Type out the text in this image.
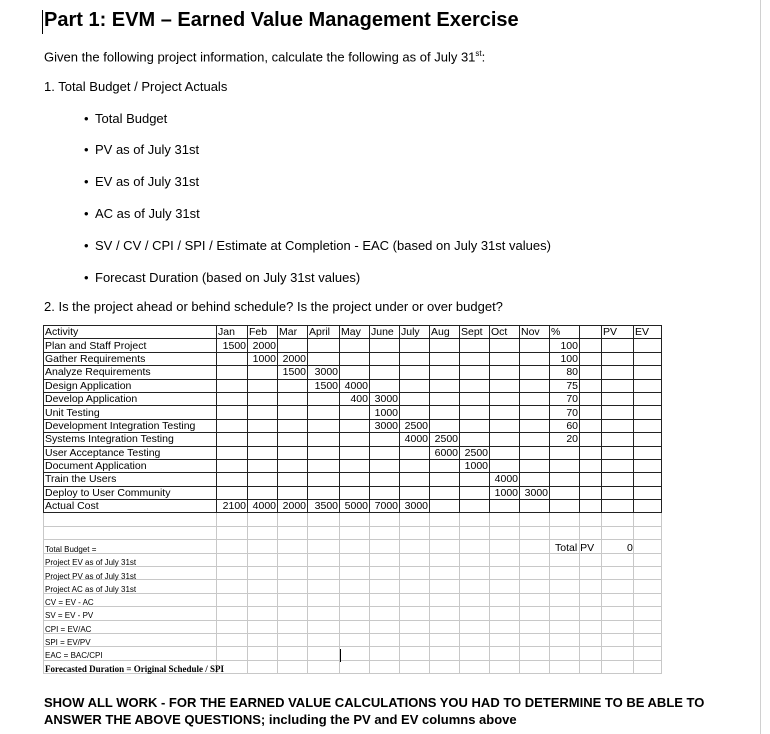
Part 1: EVM – Earned Value Management Exercise
Given the following project information, calculate the following as of July 31st:
1. Total Budget / Project Actuals
• Total Budget
• PV as of July 31st
• EV as of July 31st
• AC as of July 31st
• SV / CV / CPI / SPI / Estimate at Completion - EAC (based on July 31st values)
• Forecast Duration (based on July 31st values)
2. Is the project ahead or behind schedule? Is the project under or over budget?
Activity	Jan	Feb	Mar	April	May	June	July	Aug	Sept	Oct	Nov	%		PV	EV
Plan and Staff Project	1500	2000										100			
Gather Requirements		1000	2000									100			
Analyze Requirements			1500	3000								80			
Design Application				1500	4000							75			
Develop Application					400	3000						70			
Unit Testing						1000						70			
Development Integration Testing						3000	2500					60			
Systems Integration Testing							4000	2500				20			
User Acceptance Testing								6000	2500						
Document Application									1000						
Train the Users										4000					
Deploy to User Community										1000	3000				
Actual Cost	2100	4000	2000	3500	5000	7000	3000								

Total Budget =
Project EV as of July 31st
Project PV as of July 31st
Project AC as of July 31st
CV = EV - AC
SV = EV - PV
CPI = EV/AC
SPI = EV/PV
EAC = BAC/CPI
Forecasted Duration = Original Schedule / SPI
Total PV	0
SHOW ALL WORK - FOR THE EARNED VALUE CALCULATIONS YOU HAD TO DETERMINE TO BE ABLE TO ANSWER THE ABOVE QUESTIONS; including the PV and EV columns above
